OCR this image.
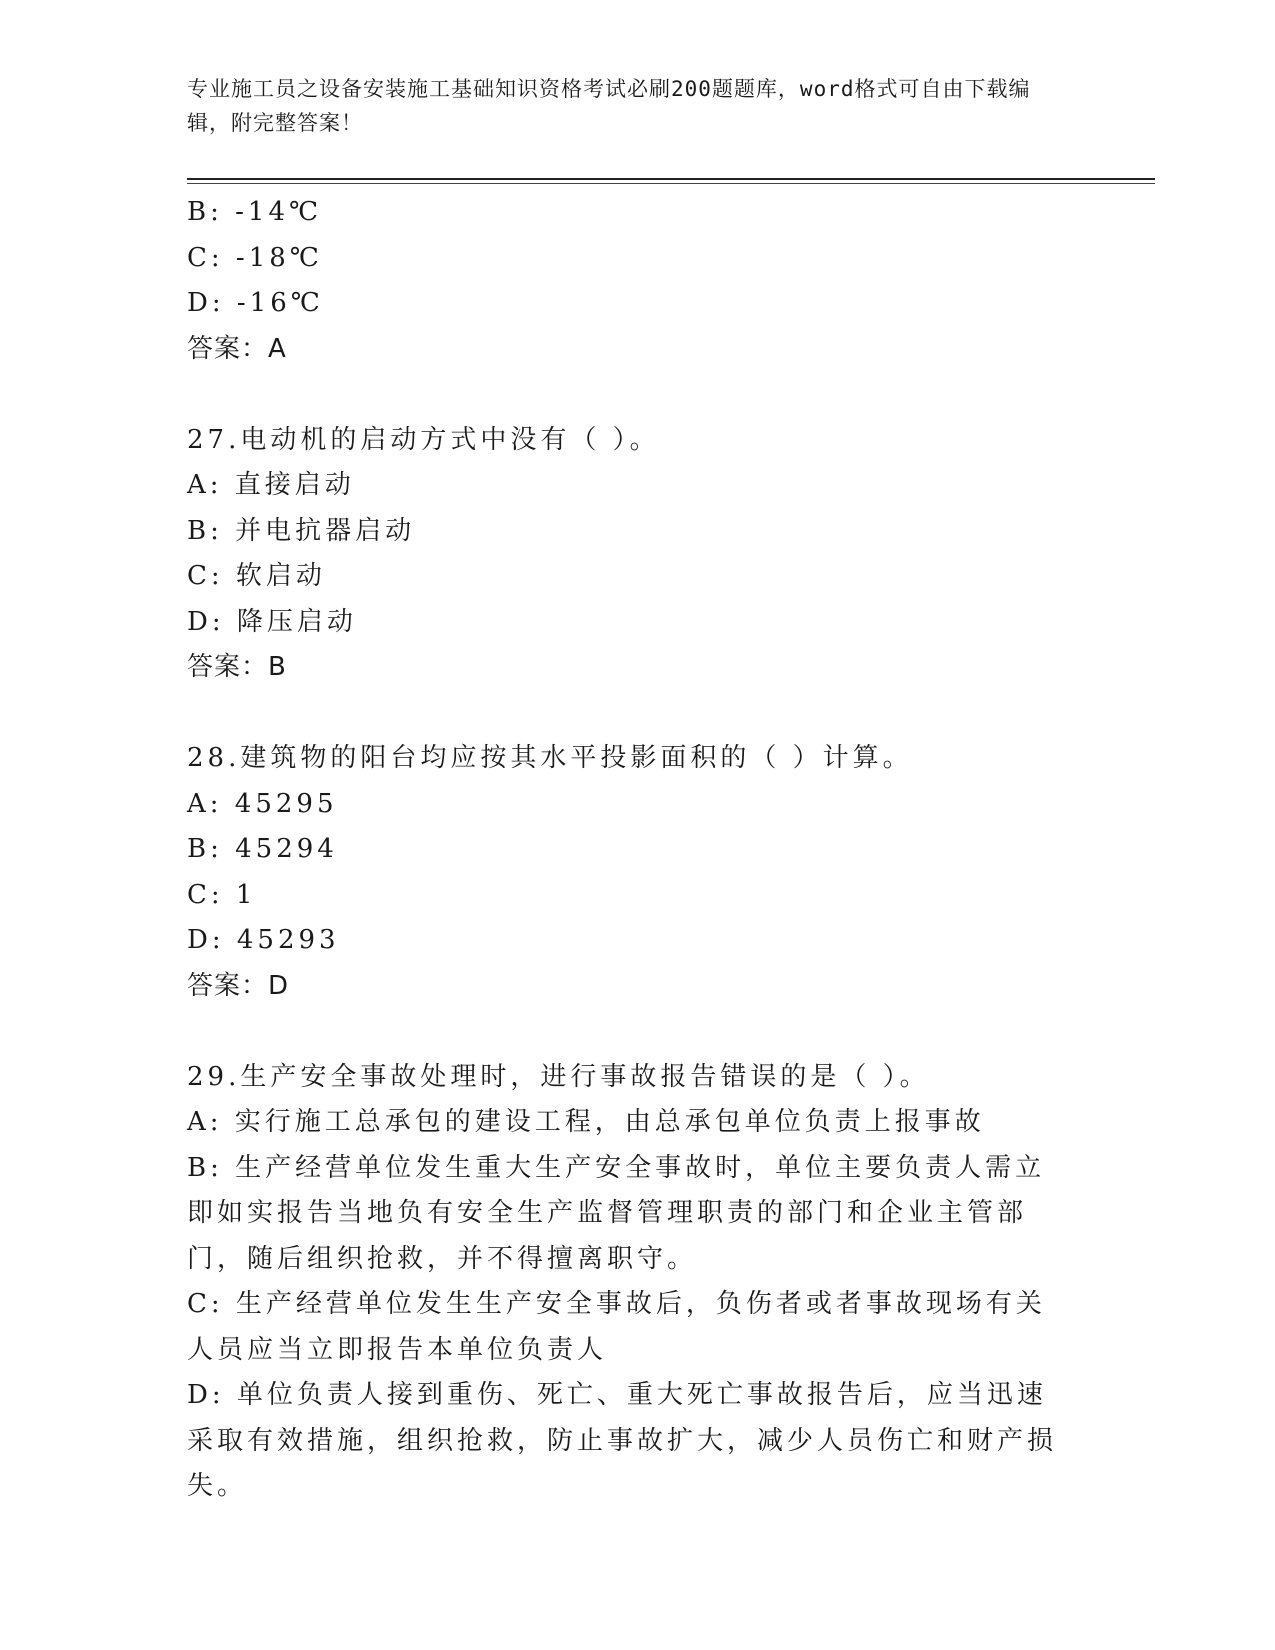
专业施工员之设备安装施工基础知识资格考试必刷200题题库，word格式可自由下载编辑，附完整答案！
B: -14℃
C: -18℃
D: -16℃
答案：A
27.电动机的启动方式中没有（ ）。
A: 直接启动
B: 并电抗器启动
C: 软启动
D: 降压启动
答案：B
28.建筑物的阳台均应按其水平投影面积的（ ）计算。
A: 45295
B: 45294
C: 1
D: 45293
答案：D
29.生产安全事故处理时，进行事故报告错误的是（ ）。
A: 实行施工总承包的建设工程，由总承包单位负责上报事故
B: 生产经营单位发生重大生产安全事故时，单位主要负责人需立即如实报告当地负有安全生产监督管理职责的部门和企业主管部门，随后组织抢救，并不得擅离职守。
C: 生产经营单位发生生产安全事故后，负伤者或者事故现场有关人员应当立即报告本单位负责人
D: 单位负责人接到重伤、死亡、重大死亡事故报告后，应当迅速采取有效措施，组织抢救，防止事故扩大，减少人员伤亡和财产损失。
